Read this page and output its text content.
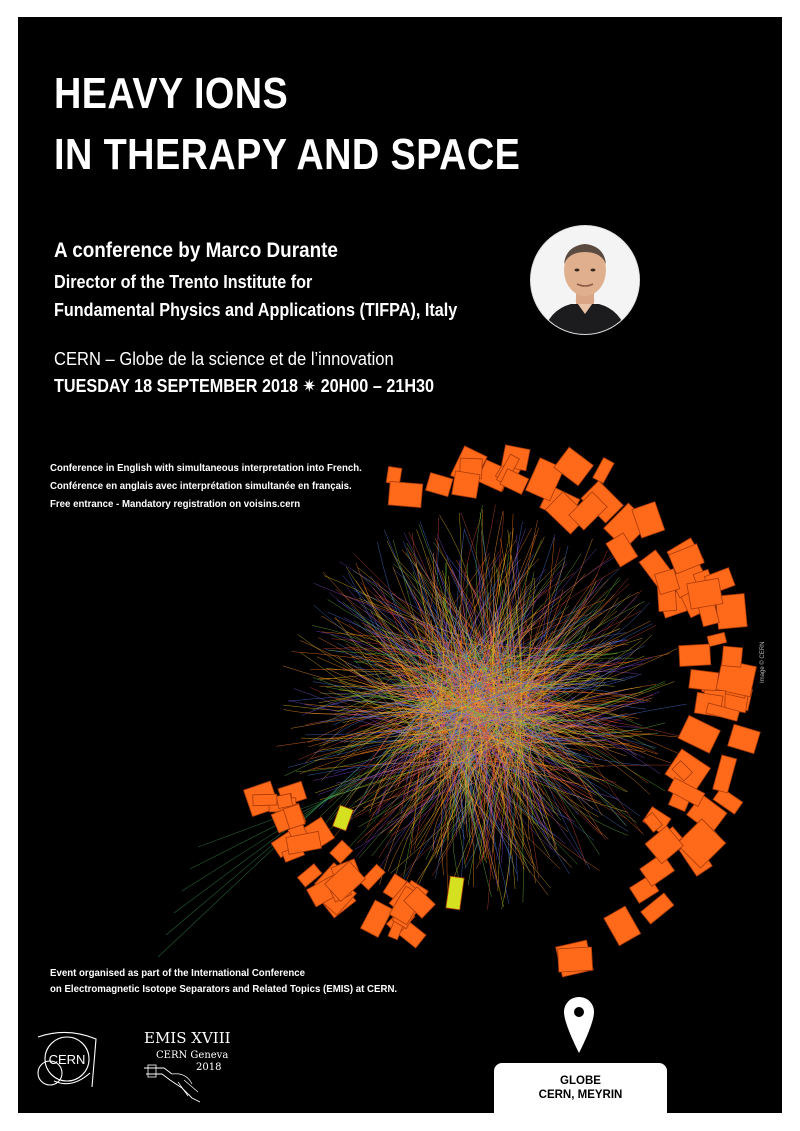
HEAVY IONS
IN THERAPY AND SPACE
A conference by Marco Durante
Director of the Trento Institute for
Fundamental Physics and Applications (TIFPA), Italy
CERN – Globe de la science et de l’innovation
TUESDAY 18 SEPTEMBER 2018 ✷ 20H00 – 21H30
Conference in English with simultaneous interpretation into French.
Conférence en anglais avec interprétation simultanée en français.
Free entrance - Mandatory registration on voisins.cern
Image © CERN
Event organised as part of the International Conference
on Electromagnetic Isotope Separators and Related Topics (EMIS) at CERN.
CERN
EMIS XVIII
CERN Geneva
2018
GLOBE
CERN, MEYRIN
